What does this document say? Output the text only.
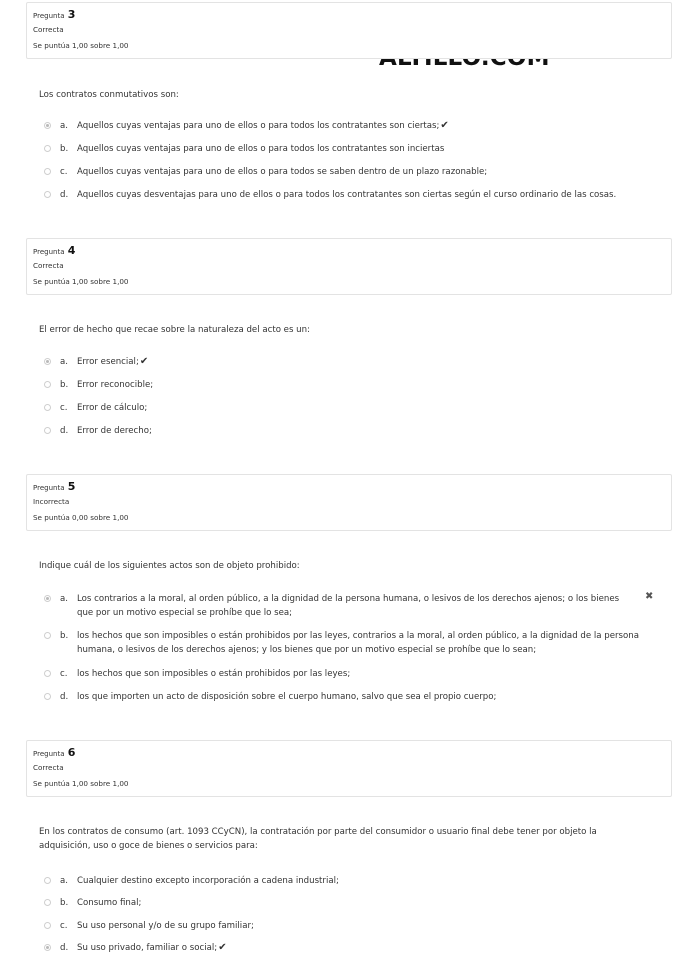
Pregunta 3
Correcta
Se puntúa 1,00 sobre 1,00
Los contratos conmutativos son:
a. Aquellos cuyas ventajas para uno de ellos o para todos los contratantes son ciertas;✔
b. Aquellos cuyas ventajas para uno de ellos o para todos los contratantes son inciertas
c. Aquellos cuyas ventajas para uno de ellos o para todos se saben dentro de un plazo razonable;
d. Aquellos cuyas desventajas para uno de ellos o para todos los contratantes son ciertas según el curso ordinario de las cosas.
Pregunta 4
Correcta
Se puntúa 1,00 sobre 1,00
El error de hecho que recae sobre la naturaleza del acto es un:
a. Error esencial;✔
b. Error reconocible;
c. Error de cálculo;
d. Error de derecho;
Pregunta 5
Incorrecta
Se puntúa 0,00 sobre 1,00
Indique cuál de los siguientes actos son de objeto prohibido:
a. Los contrarios a la moral, al orden público, a la dignidad de la persona humana, o lesivos de los derechos ajenos; o los bienes que por un motivo especial se prohíbe que lo sea;
✖
b. los hechos que son imposibles o están prohibidos por las leyes, contrarios a la moral, al orden público, a la dignidad de la persona humana, o lesivos de los derechos ajenos; y los bienes que por un motivo especial se prohíbe que lo sean;
c. los hechos que son imposibles o están prohibidos por las leyes;
d. los que importen un acto de disposición sobre el cuerpo humano, salvo que sea el propio cuerpo;
Pregunta 6
Correcta
Se puntúa 1,00 sobre 1,00
En los contratos de consumo (art. 1093 CCyCN), la contratación por parte del consumidor o usuario final debe tener por objeto la adquisición, uso o goce de bienes o servicios para:
a. Cualquier destino excepto incorporación a cadena industrial;
b. Consumo final;
c. Su uso personal y/o de su grupo familiar;
d. Su uso privado, familiar o social;✔
